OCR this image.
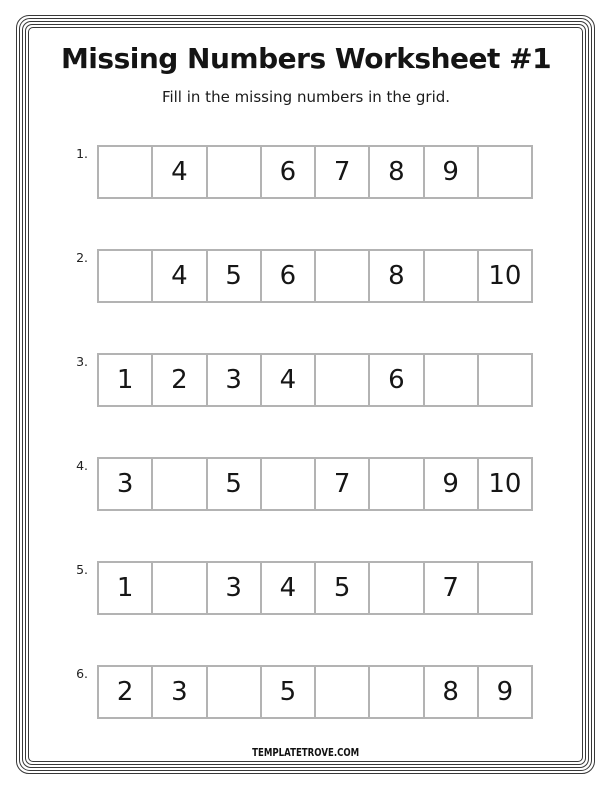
Missing Numbers Worksheet #1
Fill in the missing numbers in the grid.
1.
	4		6	7	8	9	
2.
	4	5	6		8		10
3.
1	2	3	4		6		
4.
3		5		7		9	10
5.
1		3	4	5		7	
6.
2	3		5			8	9
TEMPLATETROVE.COM
